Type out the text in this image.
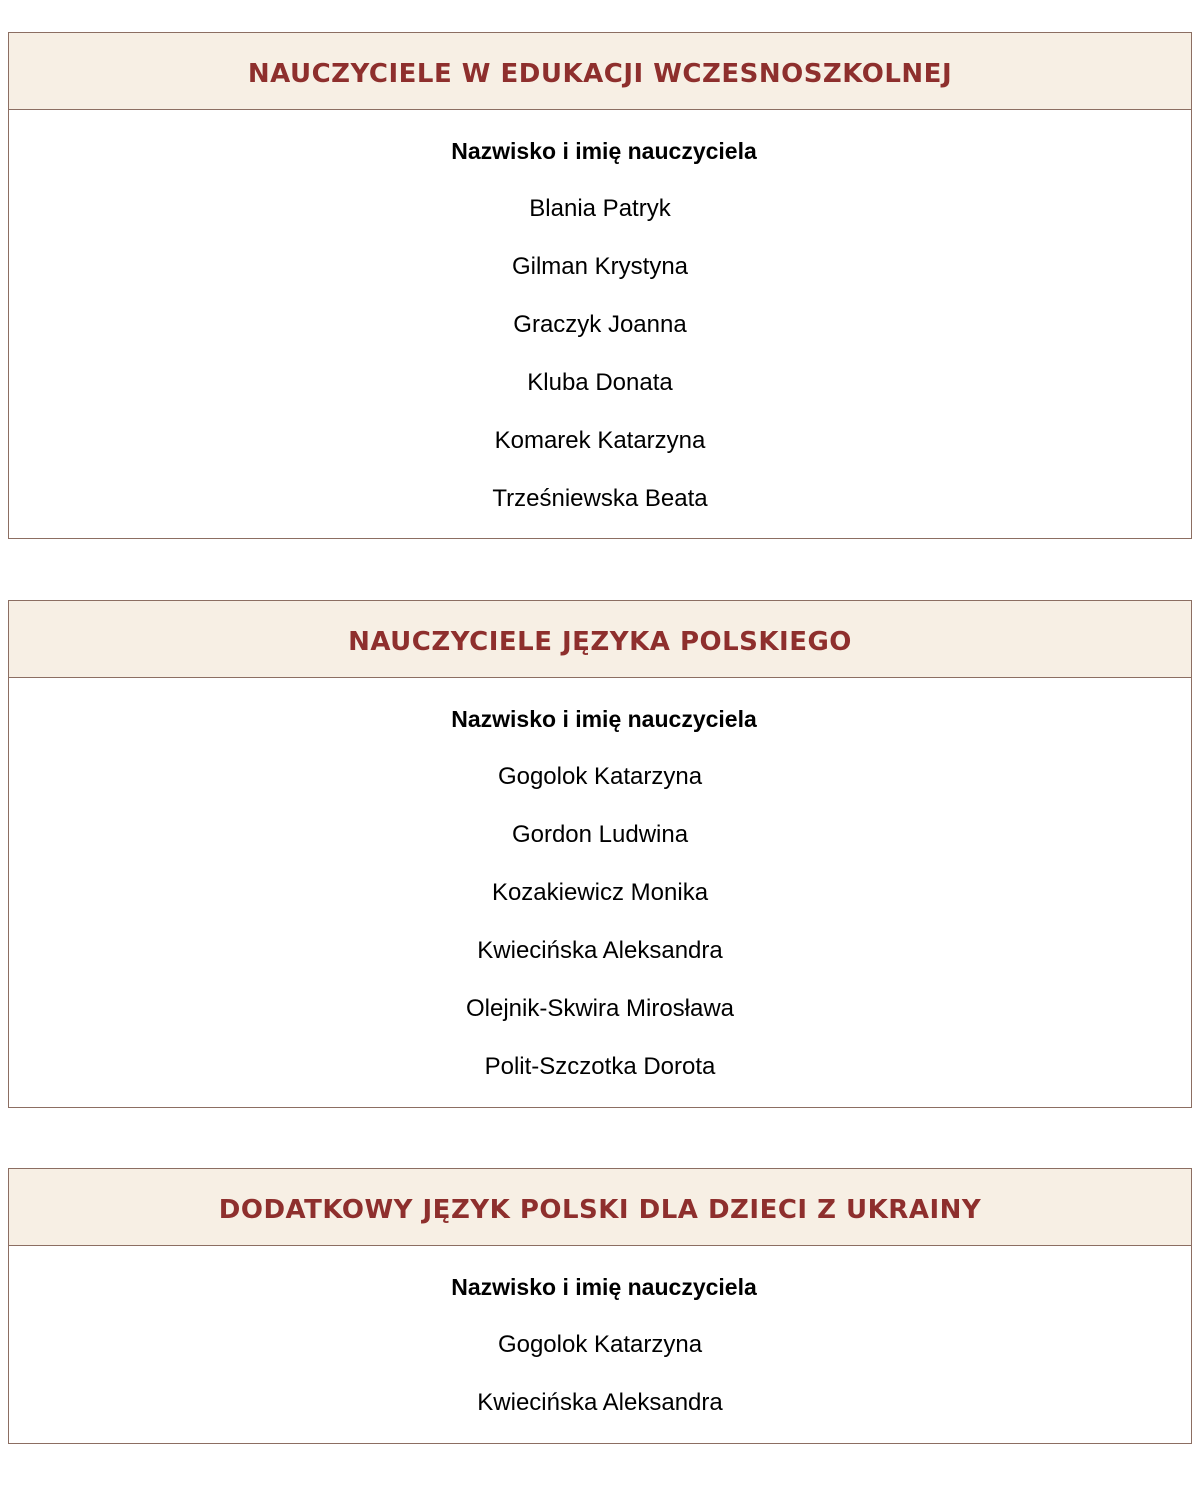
NAUCZYCIELE W EDUKACJI WCZESNOSZKOLNEJ
Nazwisko i imię nauczyciela
Blania Patryk
Gilman Krystyna
Graczyk Joanna
Kluba Donata
Komarek Katarzyna
Trześniewska Beata
NAUCZYCIELE JĘZYKA POLSKIEGO
Nazwisko i imię nauczyciela
Gogolok Katarzyna
Gordon Ludwina
Kozakiewicz Monika
Kwiecińska Aleksandra
Olejnik-Skwira Mirosława
Polit-Szczotka Dorota
DODATKOWY JĘZYK POLSKI DLA DZIECI Z UKRAINY
Nazwisko i imię nauczyciela
Gogolok Katarzyna
Kwiecińska Aleksandra
